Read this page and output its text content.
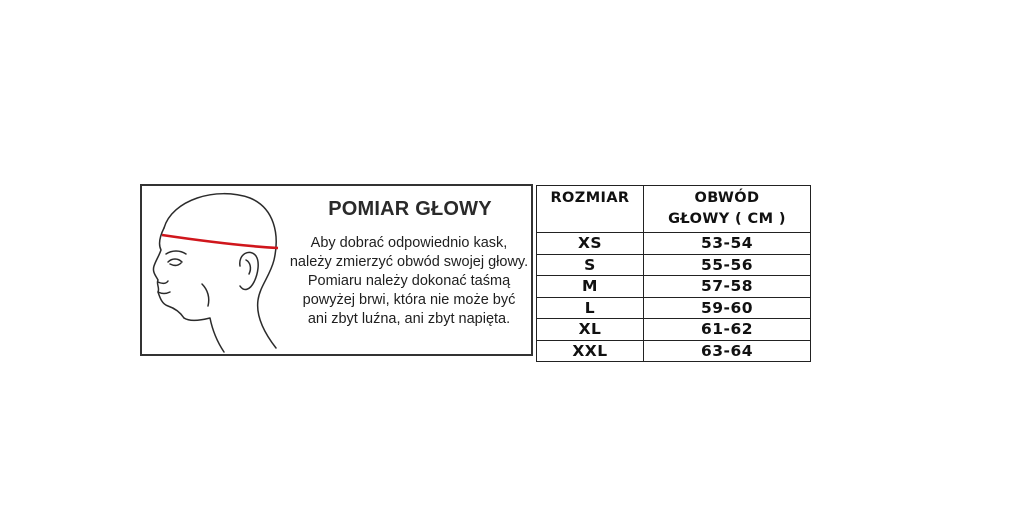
POMIAR GŁOWY
Aby dobrać odpowiednio kask,
należy zmierzyć obwód swojej głowy.
Pomiaru należy dokonać taśmą
powyżej brwi, która nie może być
ani zbyt luźna, ani zbyt napięta.
ROZMIAR	OBWÓD
GŁOWY ( CM )

XS	53-54
S	55-56
M	57-58
L	59-60
XL	61-62
XXL	63-64
